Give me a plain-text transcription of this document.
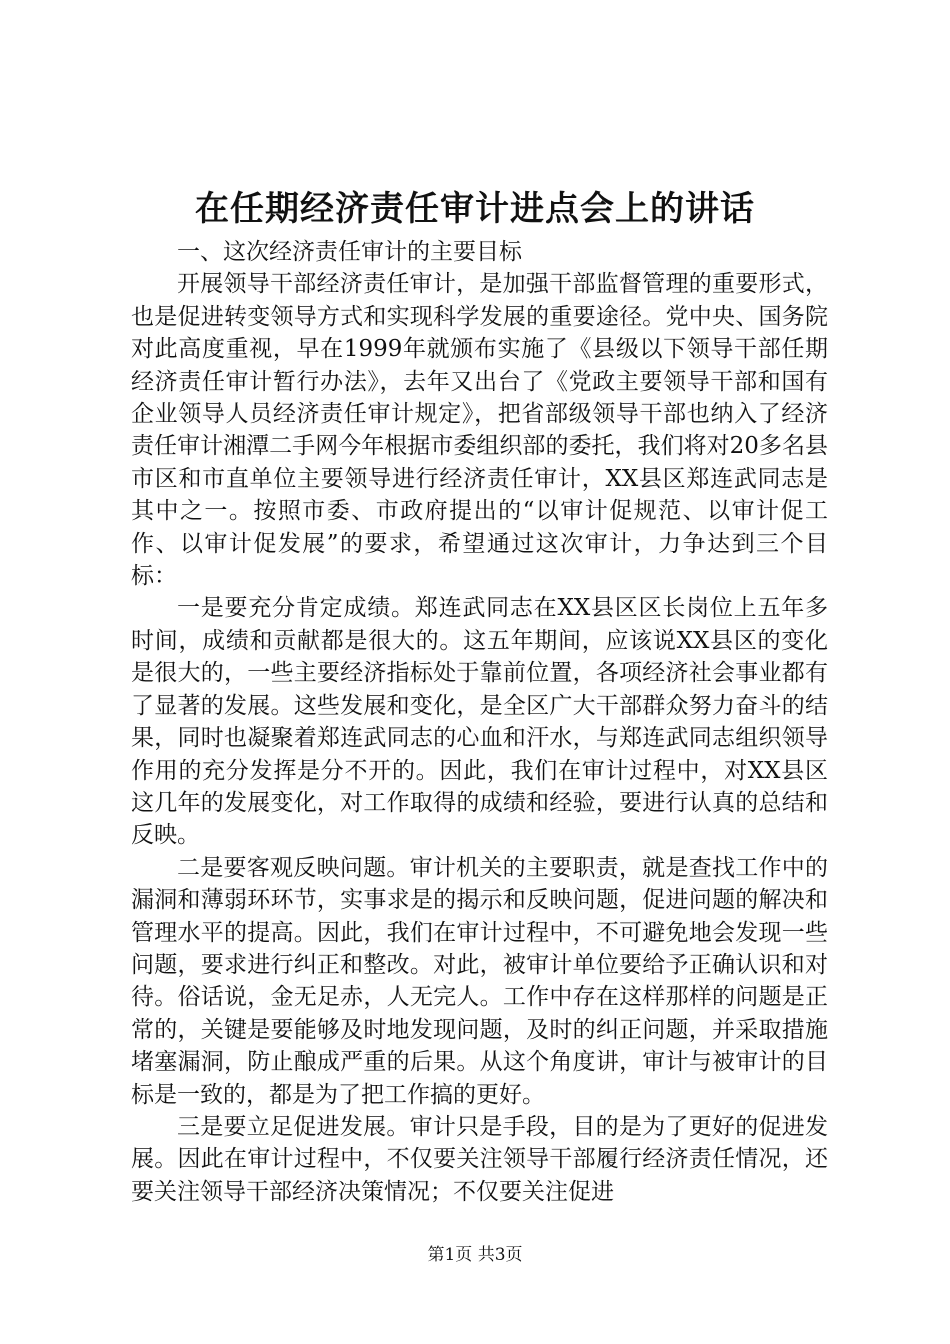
在任期经济责任审计进点会上的讲话

一、这次经济责任审计的主要目标

开展领导干部经济责任审计，是加强干部监督管理的重要形式，也是促进转变领导方式和实现科学发展的重要途径。党中央、国务院对此高度重视，早在1999年就颁布实施了《县级以下领导干部任期经济责任审计暂行办法》，去年又出台了《党政主要领导干部和国有企业领导人员经济责任审计规定》，把省部级领导干部也纳入了经济责任审计湘潭二手网今年根据市委组织部的委托，我们将对20多名县市区和市直单位主要领导进行经济责任审计，XX县区郑连武同志是其中之一。按照市委、市政府提出的“以审计促规范、以审计促工作、以审计促发展”的要求，希望通过这次审计，力争达到三个目标：

一是要充分肯定成绩。郑连武同志在XX县区区长岗位上五年多时间，成绩和贡献都是很大的。这五年期间，应该说XX县区的变化是很大的，一些主要经济指标处于靠前位置，各项经济社会事业都有了显著的发展。这些发展和变化，是全区广大干部群众努力奋斗的结果，同时也凝聚着郑连武同志的心血和汗水，与郑连武同志组织领导作用的充分发挥是分不开的。因此，我们在审计过程中，对XX县区这几年的发展变化，对工作取得的成绩和经验，要进行认真的总结和反映。

二是要客观反映问题。审计机关的主要职责，就是查找工作中的漏洞和薄弱环环节，实事求是的揭示和反映问题，促进问题的解决和管理水平的提高。因此，我们在审计过程中，不可避免地会发现一些问题，要求进行纠正和整改。对此，被审计单位要给予正确认识和对待。俗话说，金无足赤，人无完人。工作中存在这样那样的问题是正常的，关键是要能够及时地发现问题，及时的纠正问题，并采取措施堵塞漏洞，防止酿成严重的后果。从这个角度讲，审计与被审计的目标是一致的，都是为了把工作搞的更好。

三是要立足促进发展。审计只是手段，目的是为了更好的促进发展。因此在审计过程中，不仅要关注领导干部履行经济责任情况，还要关注领导干部经济决策情况；不仅要关注促进

第1页 共3页
